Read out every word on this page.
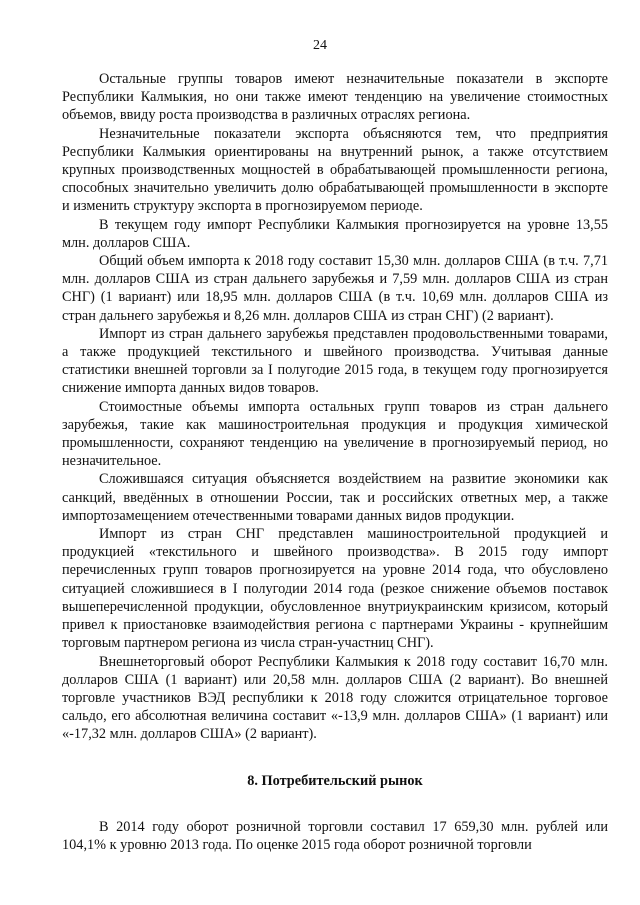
24

Остальные группы товаров имеют незначительные показатели в экспорте Республики Калмыкия, но они также имеют тенденцию на увеличение стоимостных объемов, ввиду роста производства в различных отраслях региона.

Незначительные показатели экспорта объясняются тем, что предприятия Республики Калмыкия ориентированы на внутренний рынок, а также отсутствием крупных производственных мощностей в обрабатывающей промышленности региона, способных значительно увеличить долю обрабатывающей промышленности в экспорте и изменить структуру экспорта в прогнозируемом периоде.

В текущем году импорт Республики Калмыкия прогнозируется на уровне 13,55 млн. долларов США.

Общий объем импорта к 2018 году составит 15,30 млн. долларов США (в т.ч. 7,71 млн. долларов США из стран дальнего зарубежья и 7,59 млн. долларов США из стран СНГ) (1 вариант) или 18,95 млн. долларов США (в т.ч. 10,69 млн. долларов США из стран дальнего зарубежья и 8,26 млн. долларов США из стран СНГ) (2 вариант).

Импорт из стран дальнего зарубежья представлен продовольственными товарами, а также продукцией текстильного и швейного производства. Учитывая данные статистики внешней торговли за I полугодие 2015 года, в текущем году прогнозируется снижение импорта данных видов товаров.

Стоимостные объемы импорта остальных групп товаров из стран дальнего зарубежья, такие как машиностроительная продукция и продукция химической промышленности, сохраняют тенденцию на увеличение в прогнозируемый период, но незначительное.

Сложившаяся ситуация объясняется воздействием на развитие экономики как санкций, введённых в отношении России, так и российских ответных мер, а также импортозамещением отечественными товарами данных видов продукции.

Импорт из стран СНГ представлен машиностроительной продукцией и продукцией «текстильного и швейного производства». В 2015 году импорт перечисленных групп товаров прогнозируется на уровне 2014 года, что обусловлено ситуацией сложившиеся в I полугодии 2014 года (резкое снижение объемов поставок вышеперечисленной продукции, обусловленное внутриукраинским кризисом, который привел к приостановке взаимодействия региона с партнерами Украины - крупнейшим торговым партнером региона из числа стран-участниц СНГ).

Внешнеторговый оборот Республики Калмыкия к 2018 году составит 16,70 млн. долларов США (1 вариант) или 20,58 млн. долларов США (2 вариант). Во внешней торговле участников ВЭД республики к 2018 году сложится отрицательное торговое сальдо, его абсолютная величина составит «-13,9 млн. долларов США» (1 вариант) или «-17,32 млн. долларов США» (2 вариант).

8. Потребительский рынок

В 2014 году оборот розничной торговли составил 17 659,30 млн. рублей или 104,1% к уровню 2013 года. По оценке 2015 года оборот розничной торговли
